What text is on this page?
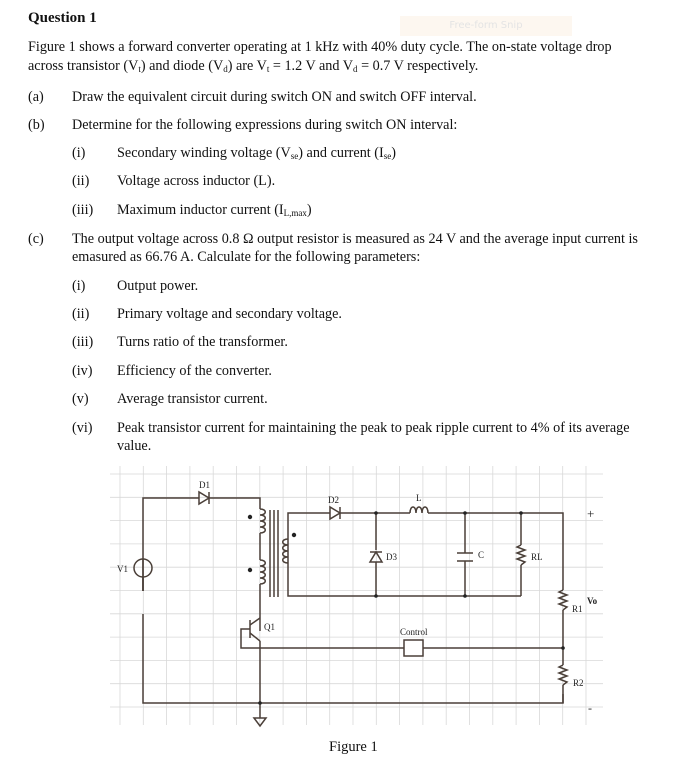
Question 1	Free-form Snip
Figure 1 shows a forward converter operating at 1 kHz with 40% duty cycle. The on-state voltage drop
across transistor $(V_t)$ and diode $(V_d)$ are $V_t = 1.2$ V and $V_d = 0.7$ V respectively.
(a) Draw the equivalent circuit during switch ON and switch OFF interval.
(b) Determine for the following expressions during switch ON interval:
(i) Secondary winding voltage $(V_{se})$ and current $(I_{se})$
(ii) Voltage across inductor (L).
(iii) Maximum inductor current $(I_{L,max})$
(c) The output voltage across 0.8 Ω output resistor is measured as 24 V and the average input current is
emasured as 66.76 A. Calculate for the following parameters:
(i) Output power.
(ii) Primary voltage and secondary voltage.
(iii) Turns ratio of the transformer.
(iv) Efficiency of the converter.
(v) Average transistor current.
(vi) Peak transistor current for maintaining the peak to peak ripple current to 4% of its average
value.
D1
D2	L
D3	C	RL
V1
Q1	Control
R1
R2
Vo
+
-
Figure 1
